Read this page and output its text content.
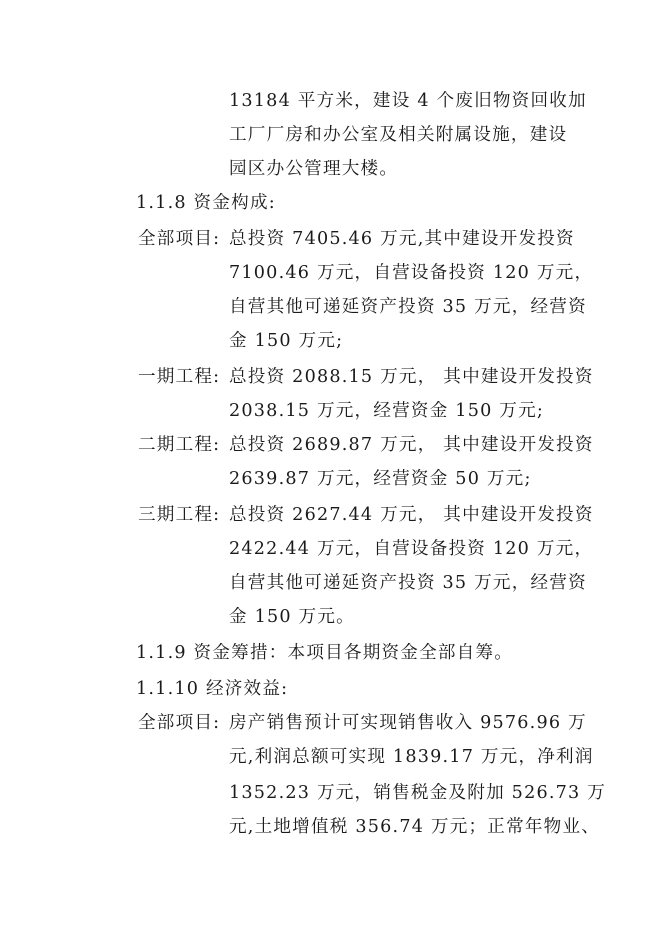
13184 平方米，建设 4 个废旧物资回收加
工厂厂房和办公室及相关附属设施，建设
园区办公管理大楼。
1.1.8 资金构成:
全部项目: 总投资 7405.46 万元,其中建设开发投资
7100.46 万元，自营设备投资 120 万元，
自营其他可递延资产投资 35 万元，经营资
金 150 万元;
一期工程: 总投资 2088.15 万元， 其中建设开发投资
2038.15 万元，经营资金 150 万元;
二期工程: 总投资 2689.87 万元， 其中建设开发投资
2639.87 万元，经营资金 50 万元;
三期工程: 总投资 2627.44 万元， 其中建设开发投资
2422.44 万元，自营设备投资 120 万元，
自营其他可递延资产投资 35 万元，经营资
金 150 万元。
1.1.9 资金筹措：本项目各期资金全部自筹。
1.1.10 经济效益:
全部项目: 房产销售预计可实现销售收入 9576.96 万
元,利润总额可实现 1839.17 万元，净利润
1352.23 万元，销售税金及附加 526.73 万
元,土地增值税 356.74 万元；正常年物业、
